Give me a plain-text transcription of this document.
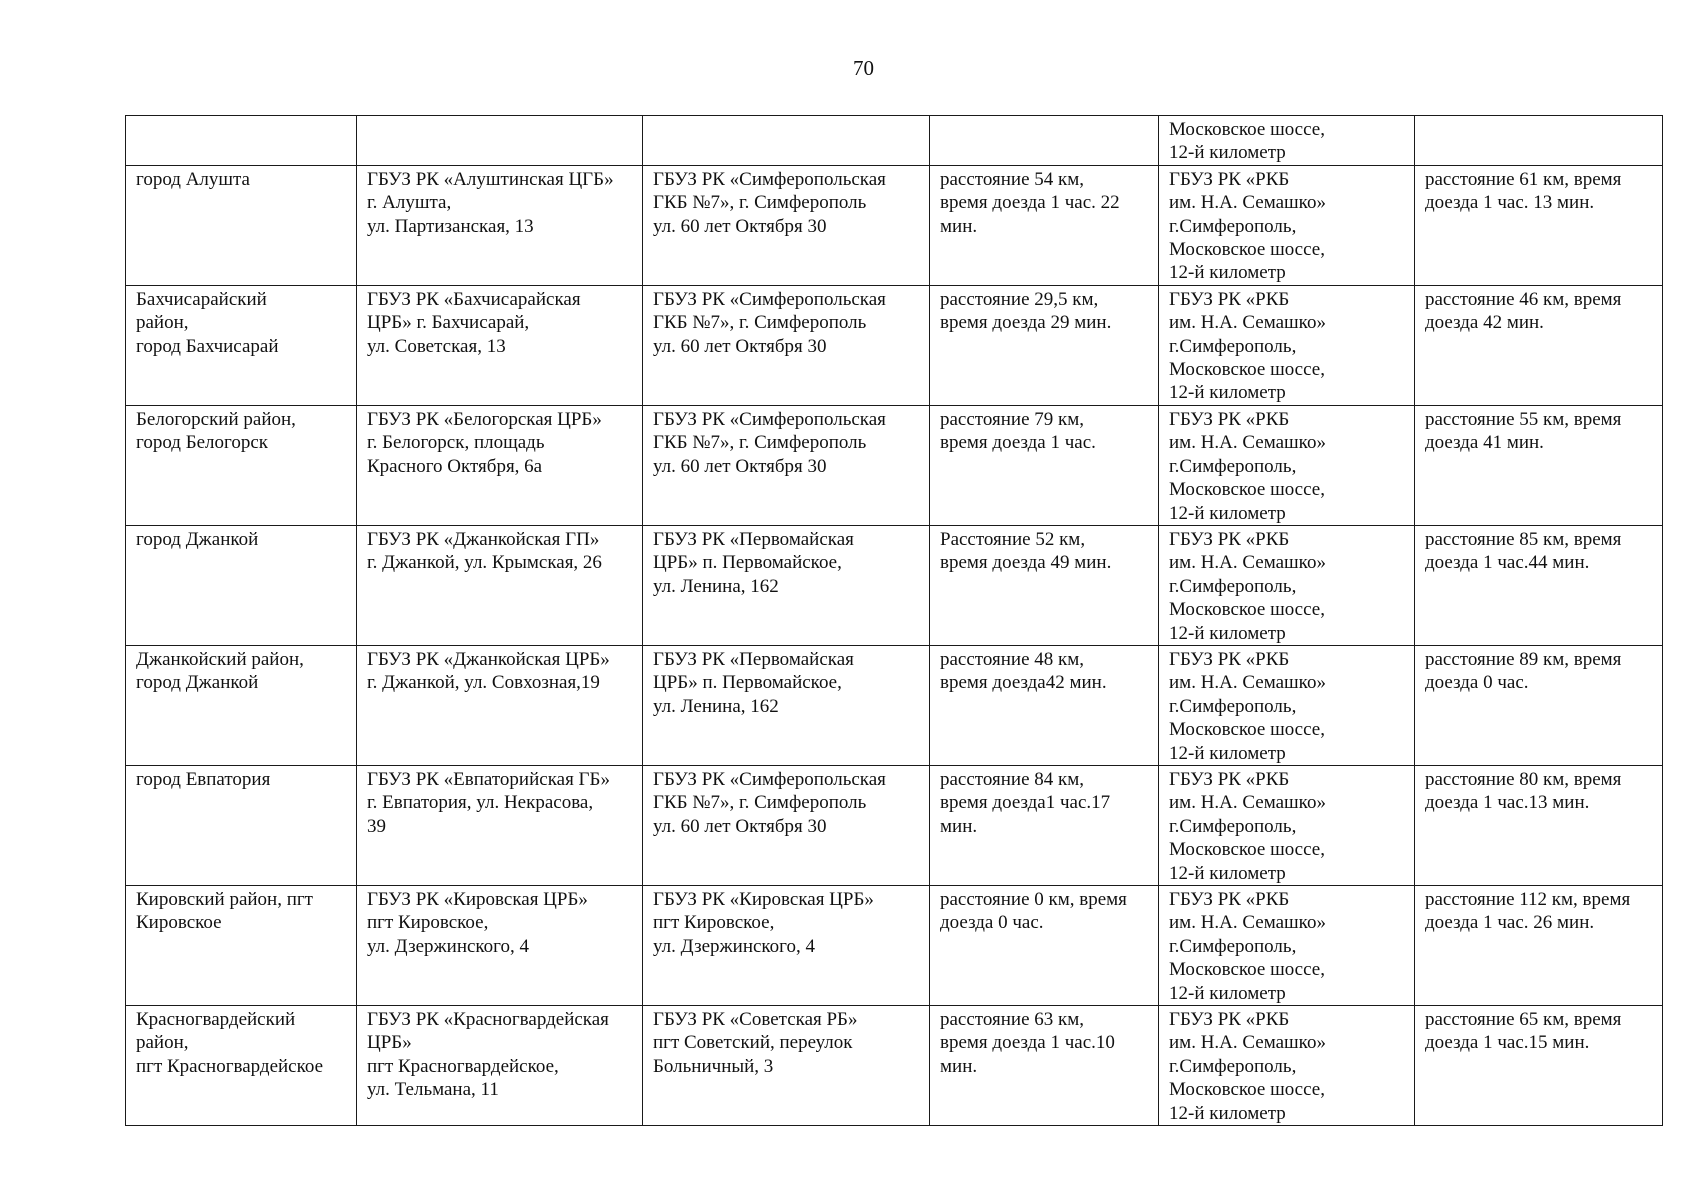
70
				Московское шоссе,
12-й километр	
город Алушта	ГБУЗ РК «Алуштинская ЦГБ»
г. Алушта,
ул. Партизанская, 13	ГБУЗ РК «Симферопольская
ГКБ №7», г. Симферополь
ул. 60 лет Октября 30	расстояние 54 км,
время доезда 1 час. 22
мин.	ГБУЗ РК «РКБ
им. Н.А. Семашко»
г.Симферополь,
Московское шоссе,
12-й километр	расстояние 61 км, время
доезда 1 час. 13 мин.
Бахчисарайский
район,
город Бахчисарай	ГБУЗ РК «Бахчисарайская
ЦРБ» г. Бахчисарай,
ул. Советская, 13	ГБУЗ РК «Симферопольская
ГКБ №7», г. Симферополь
ул. 60 лет Октября 30	расстояние 29,5 км,
время доезда 29 мин.	ГБУЗ РК «РКБ
им. Н.А. Семашко»
г.Симферополь,
Московское шоссе,
12-й километр	расстояние 46 км, время
доезда 42 мин.
Белогорский район,
город Белогорск	ГБУЗ РК «Белогорская ЦРБ»
г. Белогорск, площадь
Красного Октября, 6а	ГБУЗ РК «Симферопольская
ГКБ №7», г. Симферополь
ул. 60 лет Октября 30	расстояние 79 км,
время доезда 1 час.	ГБУЗ РК «РКБ
им. Н.А. Семашко»
г.Симферополь,
Московское шоссе,
12-й километр	расстояние 55 км, время
доезда 41 мин.
город Джанкой	ГБУЗ РК «Джанкойская ГП»
г. Джанкой, ул. Крымская, 26	ГБУЗ РК «Первомайская
ЦРБ» п. Первомайское,
ул. Ленина, 162	Расстояние 52 км,
время доезда 49 мин.	ГБУЗ РК «РКБ
им. Н.А. Семашко»
г.Симферополь,
Московское шоссе,
12-й километр	расстояние 85 км, время
доезда 1 час.44 мин.
Джанкойский район,
город Джанкой	ГБУЗ РК «Джанкойская ЦРБ»
г. Джанкой, ул. Совхозная,19	ГБУЗ РК «Первомайская
ЦРБ» п. Первомайское,
ул. Ленина, 162	расстояние 48 км,
время доезда42 мин.	ГБУЗ РК «РКБ
им. Н.А. Семашко»
г.Симферополь,
Московское шоссе,
12-й километр	расстояние 89 км, время
доезда 0 час.
город Евпатория	ГБУЗ РК «Евпаторийская ГБ»
г. Евпатория, ул. Некрасова,
39	ГБУЗ РК «Симферопольская
ГКБ №7», г. Симферополь
ул. 60 лет Октября 30	расстояние 84 км,
время доезда1 час.17
мин.	ГБУЗ РК «РКБ
им. Н.А. Семашко»
г.Симферополь,
Московское шоссе,
12-й километр	расстояние 80 км, время
доезда 1 час.13 мин.
Кировский район, пгт
Кировское	ГБУЗ РК «Кировская ЦРБ»
пгт Кировское,
ул. Дзержинского, 4	ГБУЗ РК «Кировская ЦРБ»
пгт Кировское,
ул. Дзержинского, 4	расстояние 0 км, время
доезда 0 час.	ГБУЗ РК «РКБ
им. Н.А. Семашко»
г.Симферополь,
Московское шоссе,
12-й километр	расстояние 112 км, время
доезда 1 час. 26 мин.
Красногвардейский
район,
пгт Красногвардейское	ГБУЗ РК «Красногвардейская
ЦРБ»
пгт Красногвардейское,
ул. Тельмана, 11	ГБУЗ РК «Советская РБ»
пгт Советский, переулок
Больничный, 3	расстояние 63 км,
время доезда 1 час.10
мин.	ГБУЗ РК «РКБ
им. Н.А. Семашко»
г.Симферополь,
Московское шоссе,
12-й километр	расстояние 65 км, время
доезда 1 час.15 мин.
